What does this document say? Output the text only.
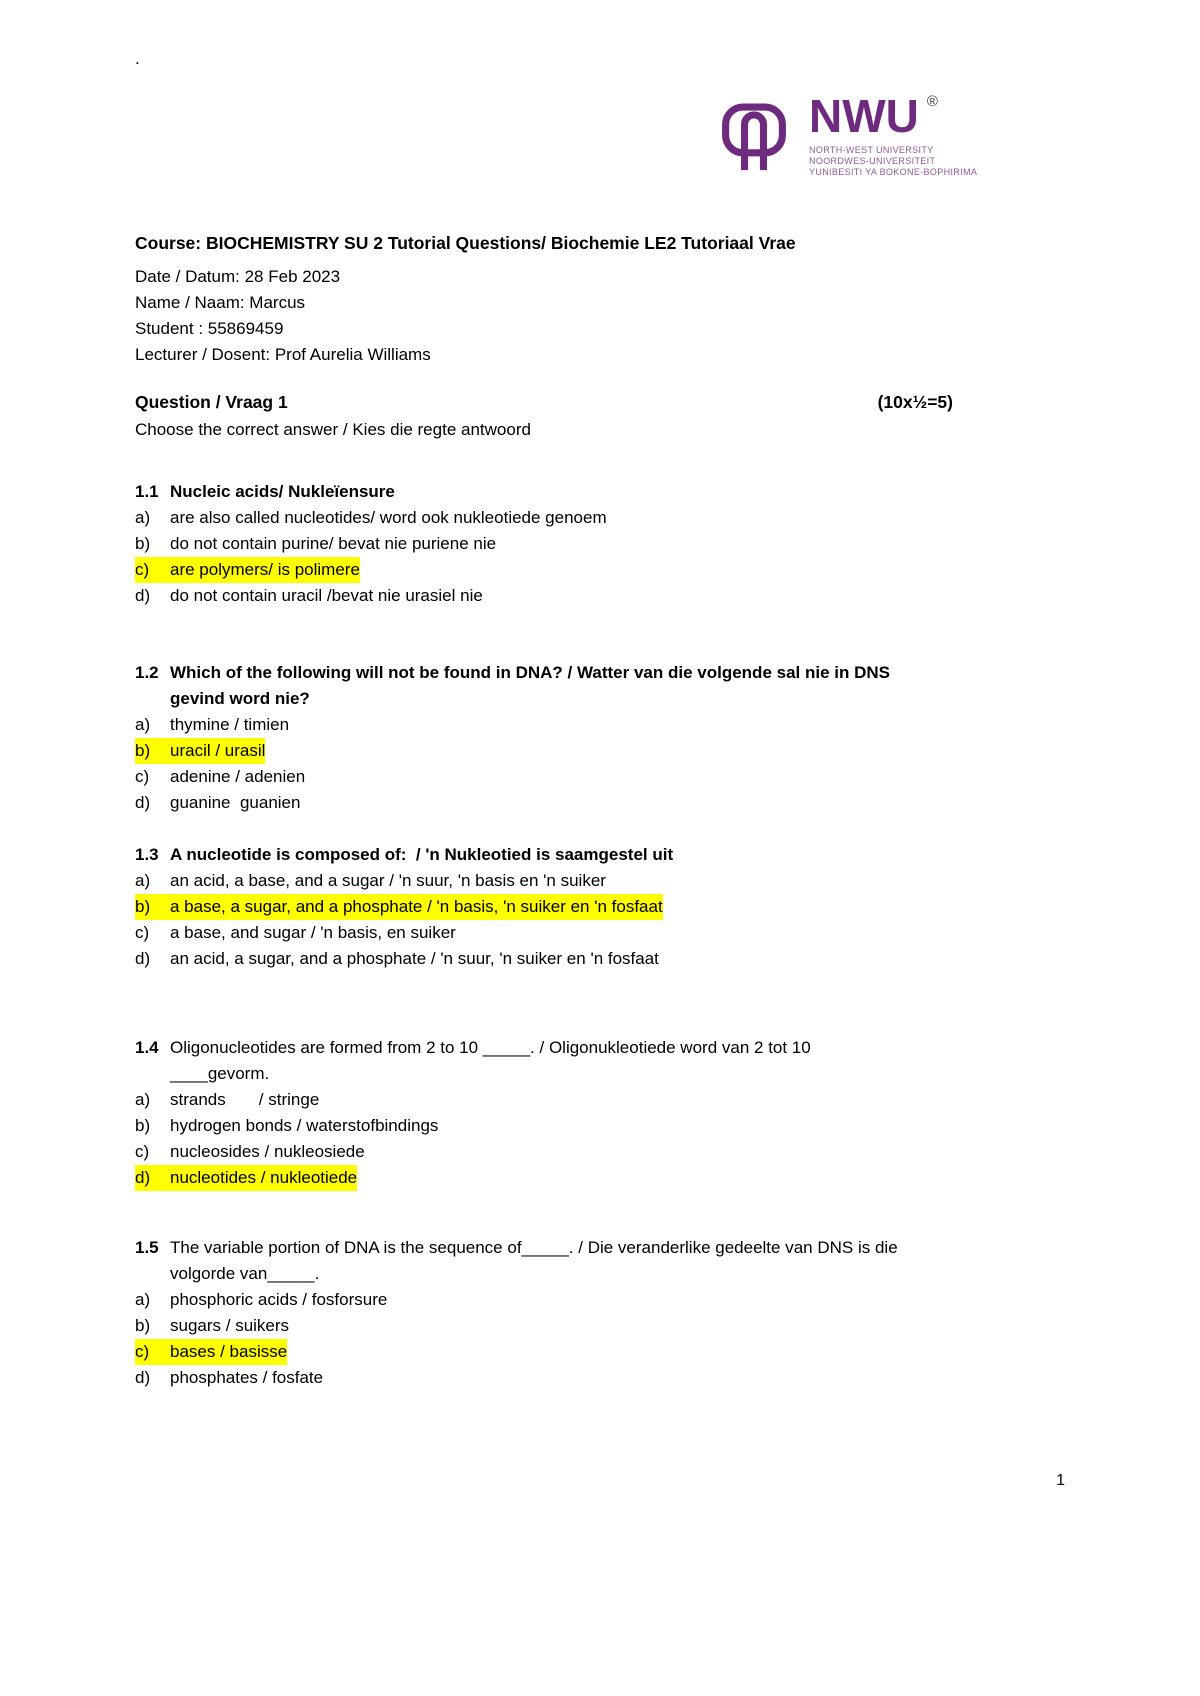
.
NWU ®
NORTH-WEST UNIVERSITY
NOORDWES-UNIVERSITEIT
YUNIBESITI YA BOKONE-BOPHIRIMA
Course: BIOCHEMISTRY SU 2 Tutorial Questions/ Biochemie LE2 Tutoriaal Vrae
Date / Datum: 28 Feb 2023
Name / Naam: Marcus
Student : 55869459
Lecturer / Dosent: Prof Aurelia Williams
Question / Vraag 1	(10x½=5)
Choose the correct answer / Kies die regte antwoord
1.1 Nucleic acids/ Nukleïensure
a)	are also called nucleotides/ word ook nukleotiede genoem
b)	do not contain purine/ bevat nie puriene nie
c)	are polymers/ is polimere
d)	do not contain uracil /bevat nie urasiel nie
1.2 Which of the following will not be found in DNA? / Watter van die volgende sal nie in DNS
gevind word nie?
a)	thymine / timien
b)	uracil / urasil
c)	adenine / adenien
d)	guanine  guanien
1.3 A nucleotide is composed of:  / 'n Nukleotied is saamgestel uit
a)	an acid, a base, and a sugar / 'n suur, 'n basis en 'n suiker
b)	a base, a sugar, and a phosphate / 'n basis, 'n suiker en 'n fosfaat
c)	a base, and sugar / 'n basis, en suiker
d)	an acid, a sugar, and a phosphate / 'n suur, 'n suiker en 'n fosfaat
1.4 Oligonucleotides are formed from 2 to 10 _____. / Oligonukleotiede word van 2 tot 10
____gevorm.
a)	strands       / stringe
b)	hydrogen bonds / waterstofbindings
c)	nucleosides / nukleosiede
d)	nucleotides / nukleotiede
1.5 The variable portion of DNA is the sequence of_____. / Die veranderlike gedeelte van DNS is die
volgorde van_____.
a)	phosphoric acids / fosforsure
b)	sugars / suikers
c)	bases / basisse
d)	phosphates / fosfate
1
